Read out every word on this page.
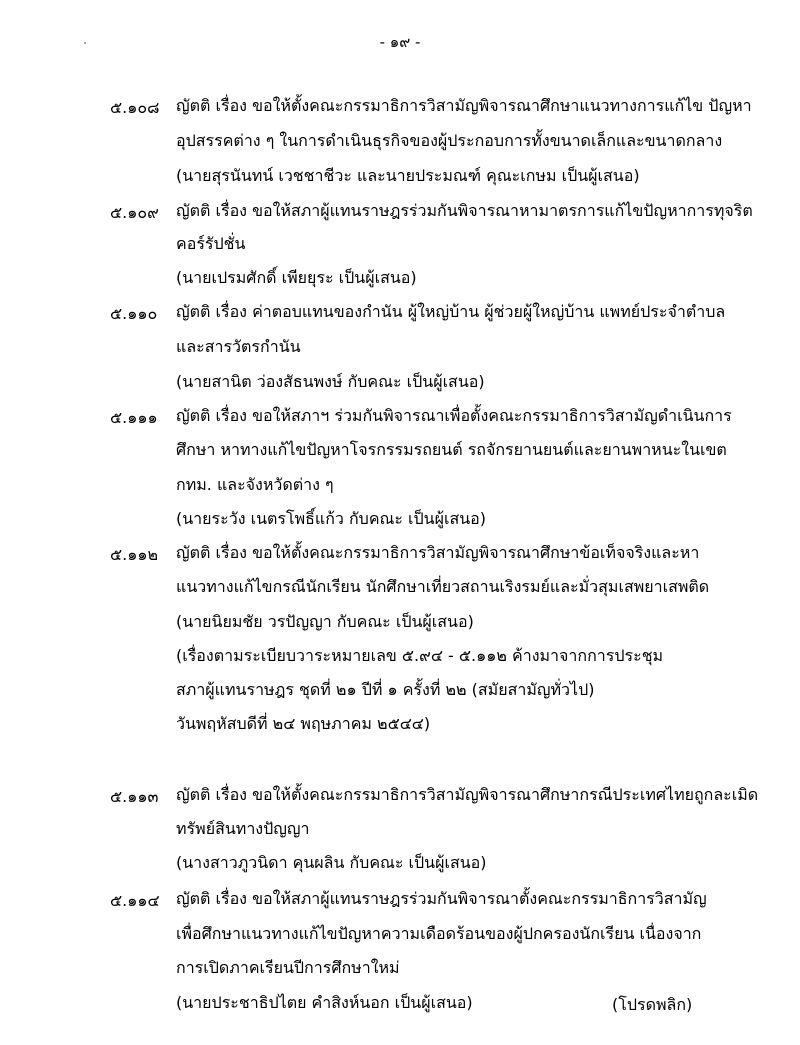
- ๑๙ -
๕.๑๐๘ ญัตติ เรื่อง ขอให้ตั้งคณะกรรมาธิการวิสามัญพิจารณาศึกษาแนวทางการแก้ไข ปัญหา
อุปสรรคต่าง ๆ ในการดำเนินธุรกิจของผู้ประกอบการทั้งขนาดเล็กและขนาดกลาง
(นายสุรนันทน์ เวชชาชีวะ และนายประมณฑ์ คุณะเกษม เป็นผู้เสนอ)
๕.๑๐๙ ญัตติ เรื่อง ขอให้สภาผู้แทนราษฎรร่วมกันพิจารณาหามาตรการแก้ไขปัญหาการทุจริต
คอร์รัปชั่น
(นายเปรมศักดิ์ เพียยุระ เป็นผู้เสนอ)
๕.๑๑๐ ญัตติ เรื่อง ค่าตอบแทนของกำนัน ผู้ใหญ่บ้าน ผู้ช่วยผู้ใหญ่บ้าน แพทย์ประจำตำบล
และสารวัตรกำนัน
(นายสานิต ว่องสัธนพงษ์ กับคณะ เป็นผู้เสนอ)
๕.๑๑๑ ญัตติ เรื่อง ขอให้สภาฯ ร่วมกันพิจารณาเพื่อตั้งคณะกรรมาธิการวิสามัญดำเนินการ
ศึกษา หาทางแก้ไขปัญหาโจรกรรมรถยนต์ รถจักรยานยนต์และยานพาหนะในเขต
กทม. และจังหวัดต่าง ๆ
(นายระวัง เนตรโพธิ์แก้ว กับคณะ เป็นผู้เสนอ)
๕.๑๑๒ ญัตติ เรื่อง ขอให้ตั้งคณะกรรมาธิการวิสามัญพิจารณาศึกษาข้อเท็จจริงและหา
แนวทางแก้ไขกรณีนักเรียน นักศึกษาเที่ยวสถานเริงรมย์และมั่วสุมเสพยาเสพติด
(นายนิยมชัย วรปัญญา กับคณะ เป็นผู้เสนอ)
(เรื่องตามระเบียบวาระหมายเลข ๕.๙๔ - ๕.๑๑๒ ค้างมาจากการประชุม
สภาผู้แทนราษฎร ชุดที่ ๒๑ ปีที่ ๑ ครั้งที่ ๒๒ (สมัยสามัญทั่วไป)
วันพฤหัสบดีที่ ๒๔ พฤษภาคม ๒๕๔๔)
๕.๑๑๓ ญัตติ เรื่อง ขอให้ตั้งคณะกรรมาธิการวิสามัญพิจารณาศึกษากรณีประเทศไทยถูกละเมิด
ทรัพย์สินทางปัญญา
(นางสาวภูวนิดา คุนผลิน กับคณะ เป็นผู้เสนอ)
๕.๑๑๔ ญัตติ เรื่อง ขอให้สภาผู้แทนราษฎรร่วมกันพิจารณาตั้งคณะกรรมาธิการวิสามัญ
เพื่อศึกษาแนวทางแก้ไขปัญหาความเดือดร้อนของผู้ปกครองนักเรียน เนื่องจาก
การเปิดภาคเรียนปีการศึกษาใหม่
(นายประชาธิปไตย คำสิงห์นอก เป็นผู้เสนอ)	(โปรดพลิก)
